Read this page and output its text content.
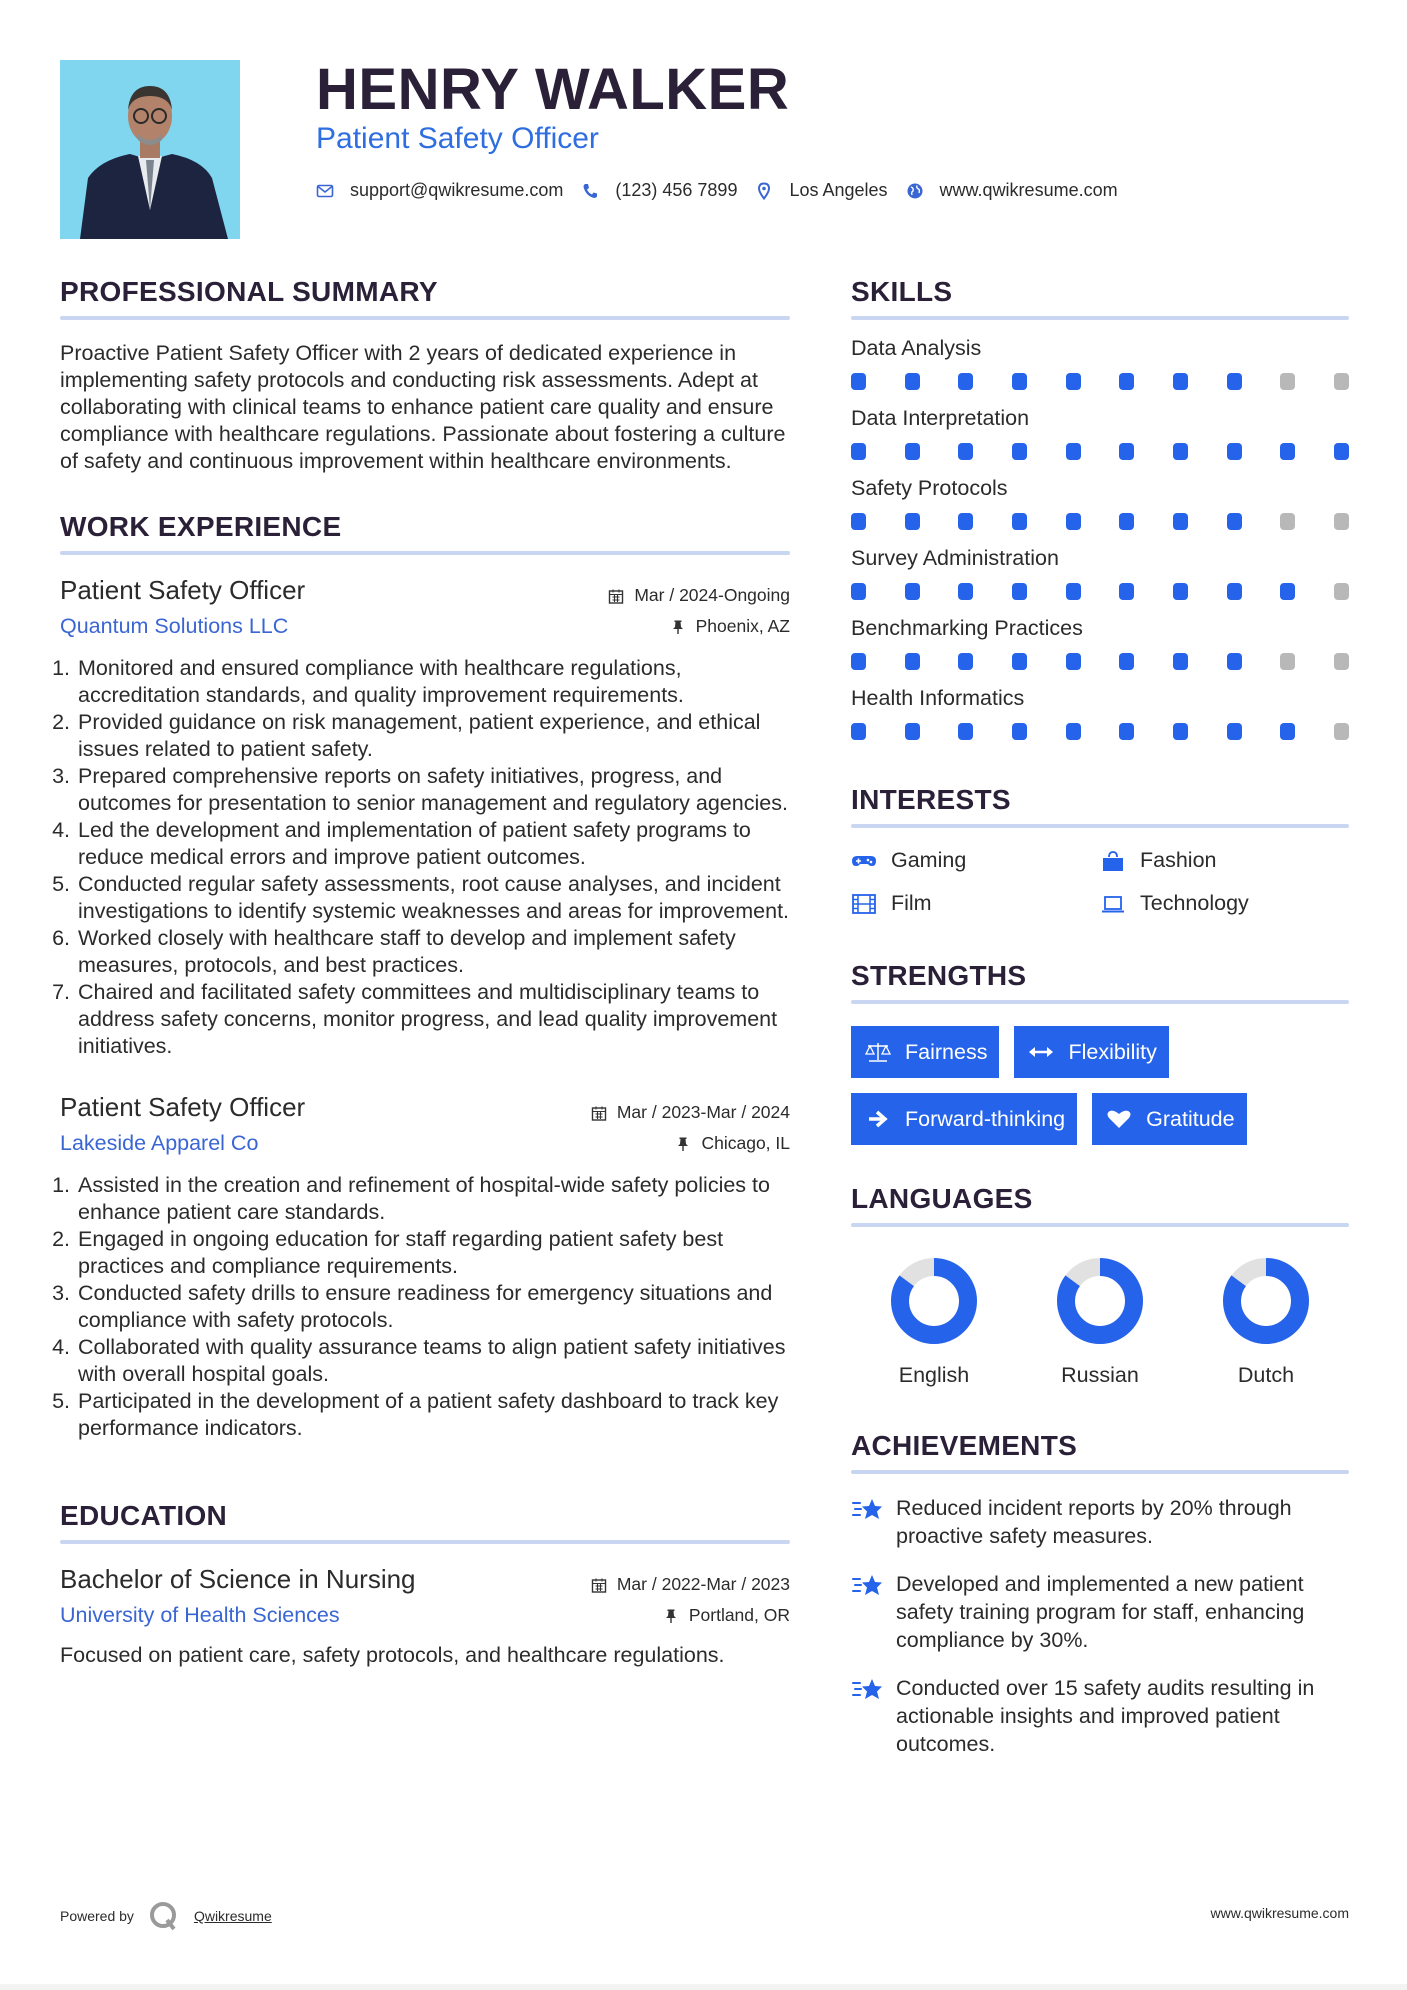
HENRY WALKER
Patient Safety Officer
support@qwikresume.com	(123) 456 7899	Los Angeles	www.qwikresume.com
PROFESSIONAL SUMMARY

Proactive Patient Safety Officer with 2 years of dedicated experience in implementing safety protocols and conducting risk assessments. Adept at collaborating with clinical teams to enhance patient care quality and ensure compliance with healthcare regulations. Passionate about fostering a culture of safety and continuous improvement within healthcare environments.

WORK EXPERIENCE
Patient Safety Officer	Mar / 2024-Ongoing
Quantum Solutions LLC	Phoenix, AZ
1. Monitored and ensured compliance with healthcare regulations, accreditation standards, and quality improvement requirements.
2. Provided guidance on risk management, patient experience, and ethical issues related to patient safety.
3. Prepared comprehensive reports on safety initiatives, progress, and outcomes for presentation to senior management and regulatory agencies.
4. Led the development and implementation of patient safety programs to reduce medical errors and improve patient outcomes.
5. Conducted regular safety assessments, root cause analyses, and incident investigations to identify systemic weaknesses and areas for improvement.
6. Worked closely with healthcare staff to develop and implement safety measures, protocols, and best practices.
7. Chaired and facilitated safety committees and multidisciplinary teams to address safety concerns, monitor progress, and lead quality improvement initiatives.
Patient Safety Officer	Mar / 2023-Mar / 2024
Lakeside Apparel Co	Chicago, IL
1. Assisted in the creation and refinement of hospital-wide safety policies to enhance patient care standards.
2. Engaged in ongoing education for staff regarding patient safety best practices and compliance requirements.
3. Conducted safety drills to ensure readiness for emergency situations and compliance with safety protocols.
4. Collaborated with quality assurance teams to align patient safety initiatives with overall hospital goals.
5. Participated in the development of a patient safety dashboard to track key performance indicators.
EDUCATION
Bachelor of Science in Nursing	Mar / 2022-Mar / 2023
University of Health Sciences	Portland, OR

Focused on patient care, safety protocols, and healthcare regulations.

SKILLS
Data Analysis
Data Interpretation
Safety Protocols
Survey Administration
Benchmarking Practices
Health Informatics
INTERESTS
Gaming	Fashion
Film	Technology
STRENGTHS
Fairness	Flexibility
Forward-thinking	Gratitude
LANGUAGES
English	Russian	Dutch
ACHIEVEMENTS
Reduced incident reports by 20% through proactive safety measures.
Developed and implemented a new patient safety training program for staff, enhancing compliance by 30%.
Conducted over 15 safety audits resulting in actionable insights and improved patient outcomes.
Powered by	Qwikresume	www.qwikresume.com
